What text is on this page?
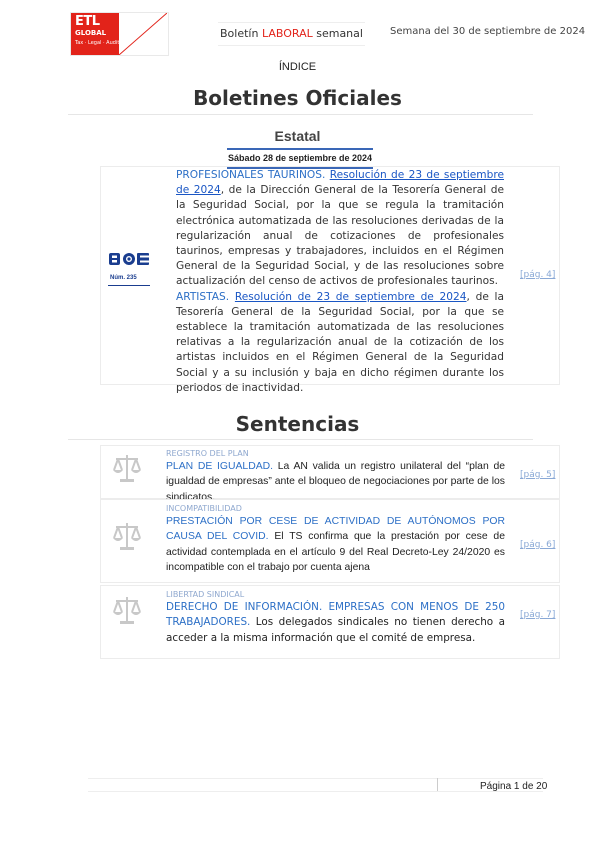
ETL
GLOBAL
Tax · Legal · Audit
Boletín LABORAL semanal	Semana del 30 de septiembre de 2024
ÍNDICE
Boletines Oficiales
Estatal
Sábado 28 de septiembre de 2024
Núm. 235

PROFESIONALES TAURINOS. Resolución de 23 de septiembre de 2024, de la Dirección General de la Tesorería General de la Seguridad Social, por la que se regula la tramitación electrónica automatizada de las resoluciones derivadas de la regularización anual de cotizaciones de profesionales taurinos, empresas y trabajadores, incluidos en el Régimen General de la Seguridad Social, y de las resoluciones sobre actualización del censo de activos de profesionales taurinos.

ARTISTAS. Resolución de 23 de septiembre de 2024, de la Tesorería General de la Seguridad Social, por la que se establece la tramitación automatizada de las resoluciones relativas a la regularización anual de la cotización de los artistas incluidos en el Régimen General de la Seguridad Social y a su inclusión y baja en dicho régimen durante los periodos de inactividad.

[pág. 4]
Sentencias
REGISTRO DEL PLAN

PLAN DE IGUALDAD. La AN valida un registro unilateral del “plan de igualdad de empresas” ante el bloqueo de negociaciones por parte de los sindicatos.

[pág. 5]
INCOMPATIBILIDAD

PRESTACIÓN POR CESE DE ACTIVIDAD DE AUTÓNOMOS POR CAUSA DEL COVID. El TS confirma que la prestación por cese de actividad contemplada en el artículo 9 del Real Decreto-Ley 24/2020 es incompatible con el trabajo por cuenta ajena

[pág. 6]
LIBERTAD SINDICAL

DERECHO DE INFORMACIÓN. EMPRESAS CON MENOS DE 250 TRABAJADORES. Los delegados sindicales no tienen derecho a acceder a la misma información que el comité de empresa.

[pág. 7]
Página 1 de 20
